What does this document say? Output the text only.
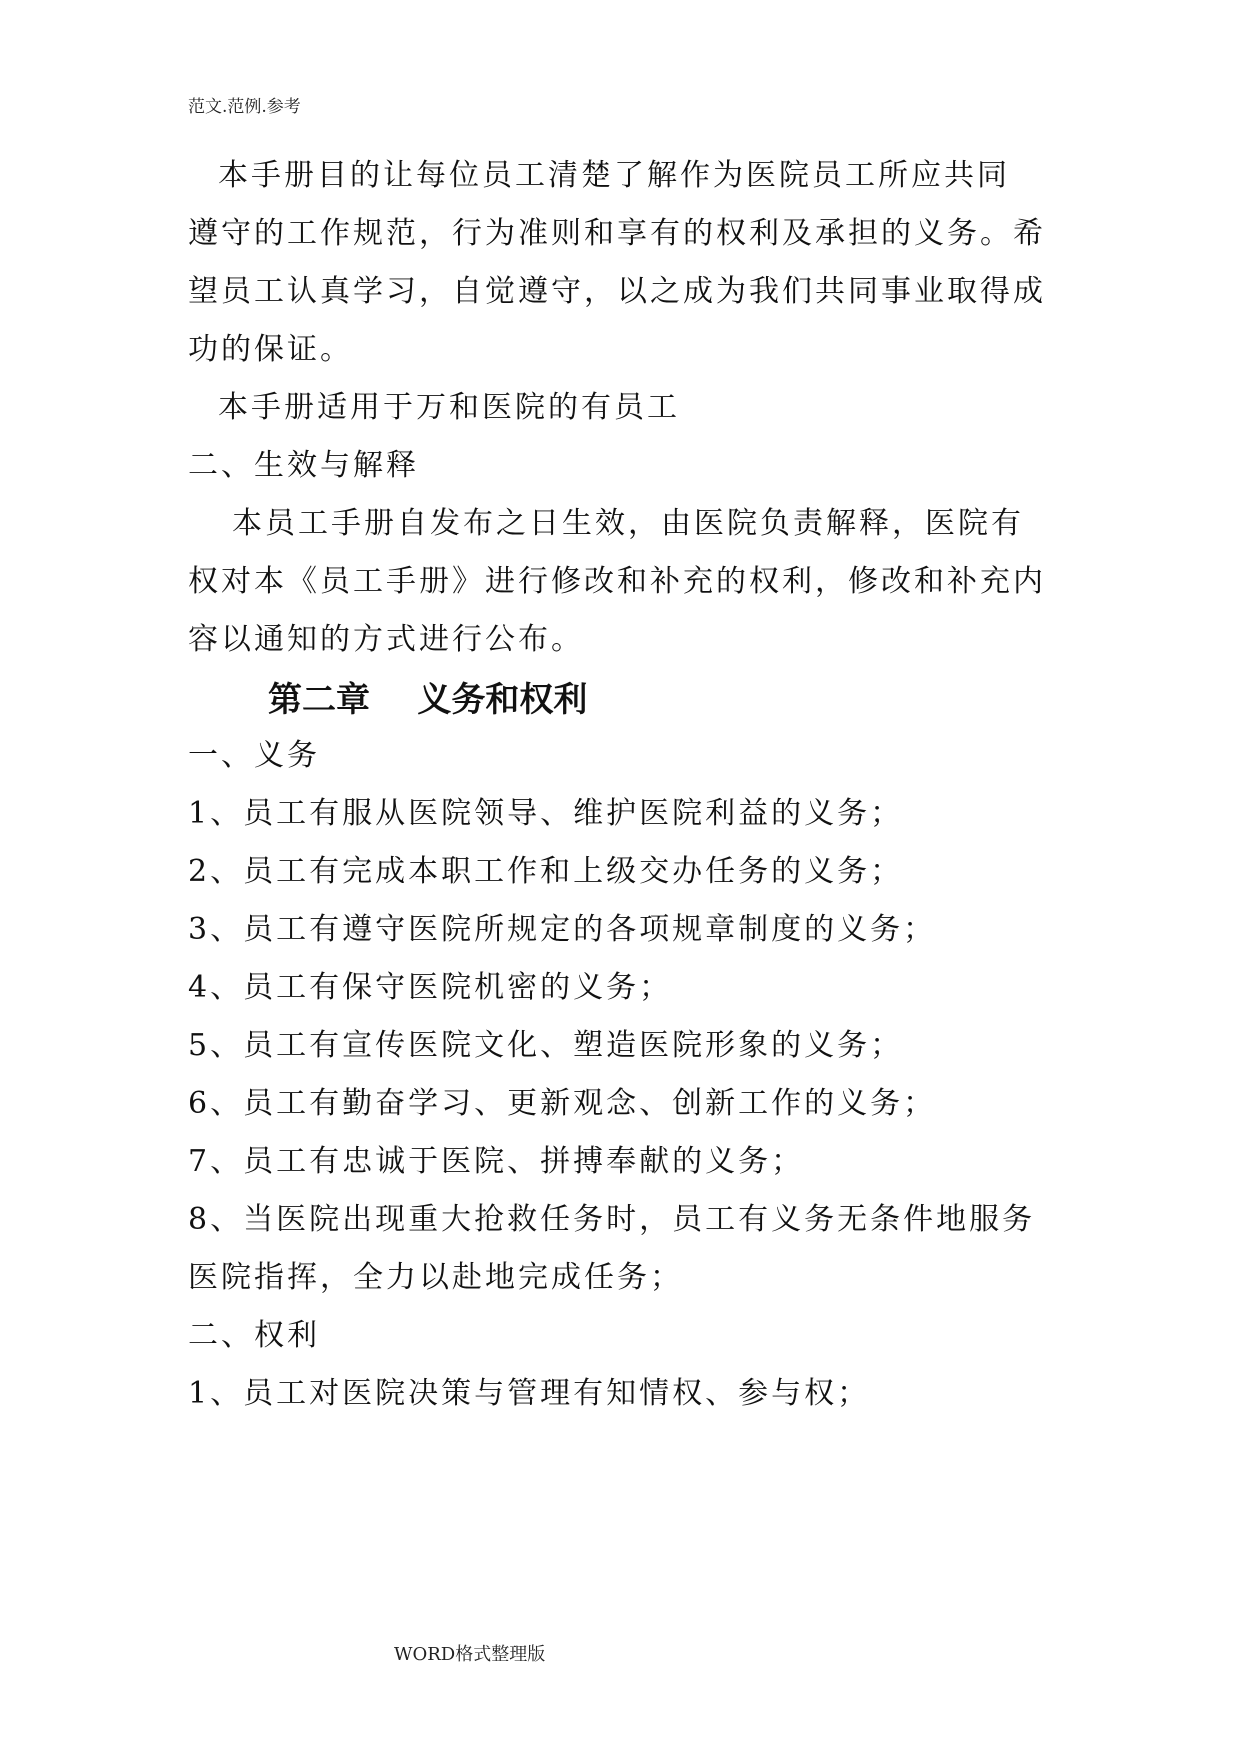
范文.范例.参考
本手册目的让每位员工清楚了解作为医院员工所应共同
遵守的工作规范，行为准则和享有的权利及承担的义务。希
望员工认真学习，自觉遵守，以之成为我们共同事业取得成
功的保证。
本手册适用于万和医院的有员工
二、生效与解释
本员工手册自发布之日生效，由医院负责解释，医院有
权对本《员工手册》进行修改和补充的权利，修改和补充内
容以通知的方式进行公布。
第二章    义务和权利
一、义务
1、员工有服从医院领导、维护医院利益的义务；
2、员工有完成本职工作和上级交办任务的义务；
3、员工有遵守医院所规定的各项规章制度的义务；
4、员工有保守医院机密的义务；
5、员工有宣传医院文化、塑造医院形象的义务；
6、员工有勤奋学习、更新观念、创新工作的义务；
7、员工有忠诚于医院、拼搏奉献的义务；
8、当医院出现重大抢救任务时，员工有义务无条件地服务
医院指挥，全力以赴地完成任务；
二、权利
1、员工对医院决策与管理有知情权、参与权；
WORD格式整理版
